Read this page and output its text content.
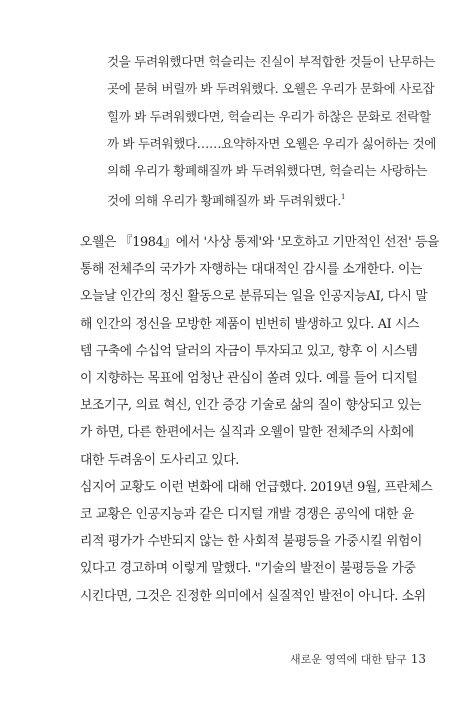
것을 두려워했다면 헉슬리는 진실이 부적합한 것들이 난무하는
곳에 묻혀 버릴까 봐 두려워했다. 오웰은 우리가 문화에 사로잡
힐까 봐 두려워했다면, 헉슬리는 우리가 하찮은 문화로 전락할
까 봐 두려워했다……요약하자면 오웰은 우리가 싫어하는 것에
의해 우리가 황폐해질까 봐 두려워했다면, 헉슬리는 사랑하는
것에 의해 우리가 황폐해질까 봐 두려워했다.$^1$
오웰은 『1984』에서 '사상 통제'와 '모호하고 기만적인 선전' 등을
통해 전체주의 국가가 자행하는 대대적인 감시를 소개한다. 이는
오늘날 인간의 정신 활동으로 분류되는 일을 인공지능AI, 다시 말
해 인간의 정신을 모방한 제품이 빈번히 발생하고 있다. AI 시스
템 구축에 수십억 달러의 자금이 투자되고 있고, 향후 이 시스템
이 지향하는 목표에 엄청난 관심이 쏠려 있다. 예를 들어 디지털
보조기구, 의료 혁신, 인간 증강 기술로 삶의 질이 향상되고 있는
가 하면, 다른 한편에서는 실직과 오웰이 말한 전체주의 사회에
대한 두려움이 도사리고 있다.
심지어 교황도 이런 변화에 대해 언급했다. 2019년 9월, 프란체스
코 교황은 인공지능과 같은 디지털 개발 경쟁은 공익에 대한 윤
리적 평가가 수반되지 않는 한 사회적 불평등을 가중시킬 위험이
있다고 경고하며 이렇게 말했다. "기술의 발전이 불평등을 가중
시킨다면, 그것은 진정한 의미에서 실질적인 발전이 아니다. 소위
새로운 영역에 대한 탐구 13
